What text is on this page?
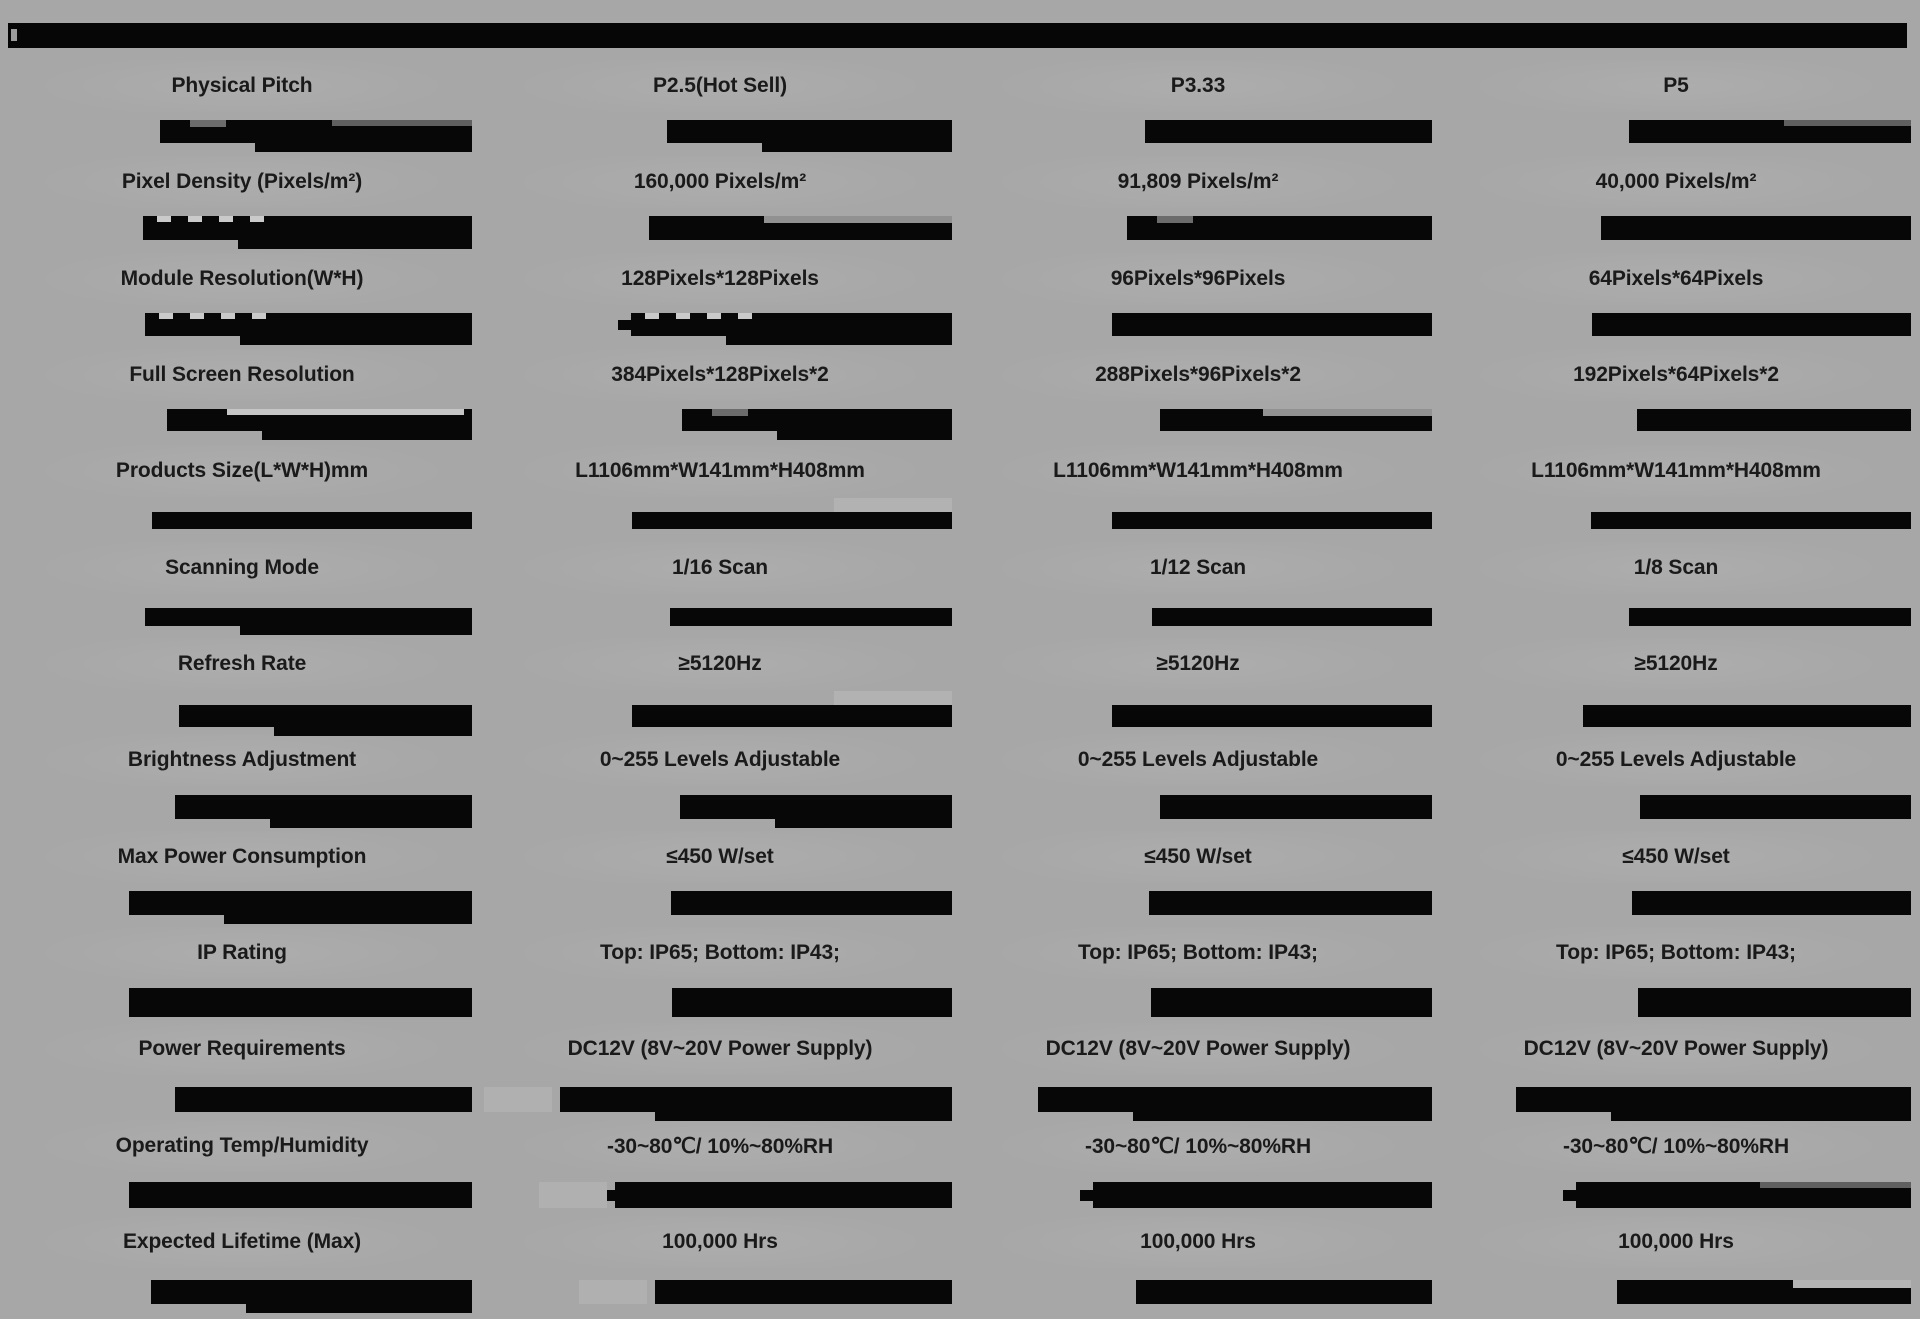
Physical Pitch	P2.5(Hot Sell)	P3.33	P5
Pixel Density (Pixels/m²)	160,000 Pixels/m²	91,809 Pixels/m²	40,000 Pixels/m²
Module Resolution(W*H)	128Pixels*128Pixels	96Pixels*96Pixels	64Pixels*64Pixels
Full Screen Resolution	384Pixels*128Pixels*2	288Pixels*96Pixels*2	192Pixels*64Pixels*2
Products Size(L*W*H)mm	L1106mm*W141mm*H408mm	L1106mm*W141mm*H408mm	L1106mm*W141mm*H408mm
Scanning Mode	1/16 Scan	1/12 Scan	1/8 Scan
Refresh Rate	≥5120Hz	≥5120Hz	≥5120Hz
Brightness Adjustment	0~255 Levels Adjustable	0~255 Levels Adjustable	0~255 Levels Adjustable
Max Power Consumption	≤450 W/set	≤450 W/set	≤450 W/set
IP Rating	Top: IP65; Bottom: IP43;	Top: IP65; Bottom: IP43;	Top: IP65; Bottom: IP43;
Power Requirements	DC12V (8V~20V Power Supply)	DC12V (8V~20V Power Supply)	DC12V (8V~20V Power Supply)
Operating Temp/Humidity	-30~80℃/ 10%~80%RH	-30~80℃/ 10%~80%RH	-30~80℃/ 10%~80%RH
Expected Lifetime (Max)	100,000 Hrs	100,000 Hrs	100,000 Hrs
